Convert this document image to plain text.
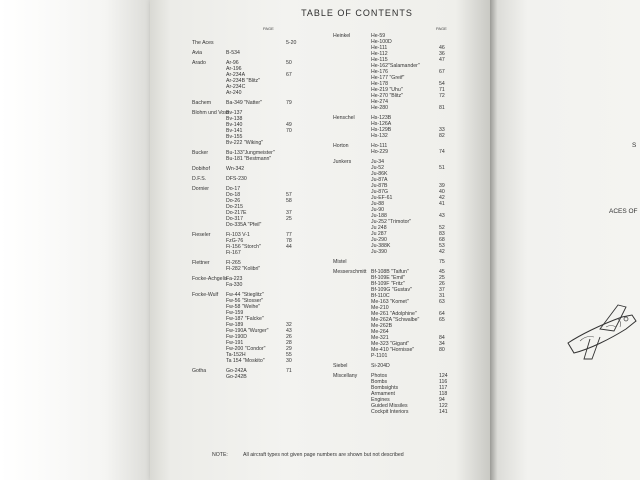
TABLE OF CONTENTS
PAGE	PAGE
The Aces	5-20
Avia	B-534
Arado	Ar-96	50
Ar-196
Ar-234A	67
Ar-234B "Blitz"
Ar-234C
Ar-240
Bachem	Ba-349 "Natter"	79
Blohm und Voss
Bv-137
Bv-138
Bv-140	49
Bv-141	70
Bv-155
Bv-222 "Wiking"
Bucker	Bu-133"Jungmeister"
Bu-181 "Bestmann"
Dobihof	Wn-342
D.F.S.	DFS-230
Dornier	Do-17
Do-18	57
Do-26	58
Do-215
Do-217E	37
Do-317	25
Do-335A "Pfeil"
Fieseler	Fi-103 V-1	77
FzG-76	78
Fi-156 "Storch"	44
Fi-167
Flettner	Fl-265
Fl-282 "Kolibri"
Focke-Achgelis
Fa-223
Fa-330
Focke-Wulf	Fw-44 "Stieglitz"
Fw-56 "Stosser"
Fw-58 "Weihe"
Fw-159
Fw-187 "Falcke"
Fw-189	32
Fw-190A "Wurger"	43
Fw-190D	26
Fw-191	28
Fw-200 "Condor"	29
Ta-152H	55
Ta 154 "Moskito"	30
Gotha	Go-242A	71
Go-242B
Heinkel	He-59
He-100D
He-111	46
He-112	36
He-115	47
He-162"Salamander"
He-176	67
He-177 "Greif"
He-178	54
He-219 "Uhu"	71
He-270 "Blitz"	72
He-274
He-280	81
Henschel	Hs-123B
Hs-126A
Hs-129B	33
Hs-132	82
Horton	Ho-111
Ho-229	74
Junkers	Ju-34
Ju-52	51
Ju-86K
Ju-87A
Ju-87B	39
Ju-87G	40
Ju-EF-61	42
Ju-88	41
Ju-90
Ju-188	43
Ju-252 "Trimotor"
Ju 248	52
Ju 287	83
Ju-290	68
Ju-388K	53
Ju-390	42
Mistel	75
Messerschmitt Bf-108B "Taifun"	45
Bf-109E "Emil"	25
Bf-109F "Fritz"	26
Bf-109G "Gustav"	37
Bf-110C	31
Me-163 "Komet"	63
Me-210
Me-261 "Adolphine"	64
Me-262A "Schwalbe"	65
Me-262B
Me-264
Me-321	84
Me-323 "Gigant"	34
Me-410 "Hornisse"	80
P-1101
Siebel	Si-204D
Miscellany	Photos	124
Bombs	116
Bombsights	117
Armament	118
Engines	94
Guided Missiles	122
Cockpit Interiors	141
NOTE:	All aircraft types not given page numbers are shown but not described
S
ACES OF
